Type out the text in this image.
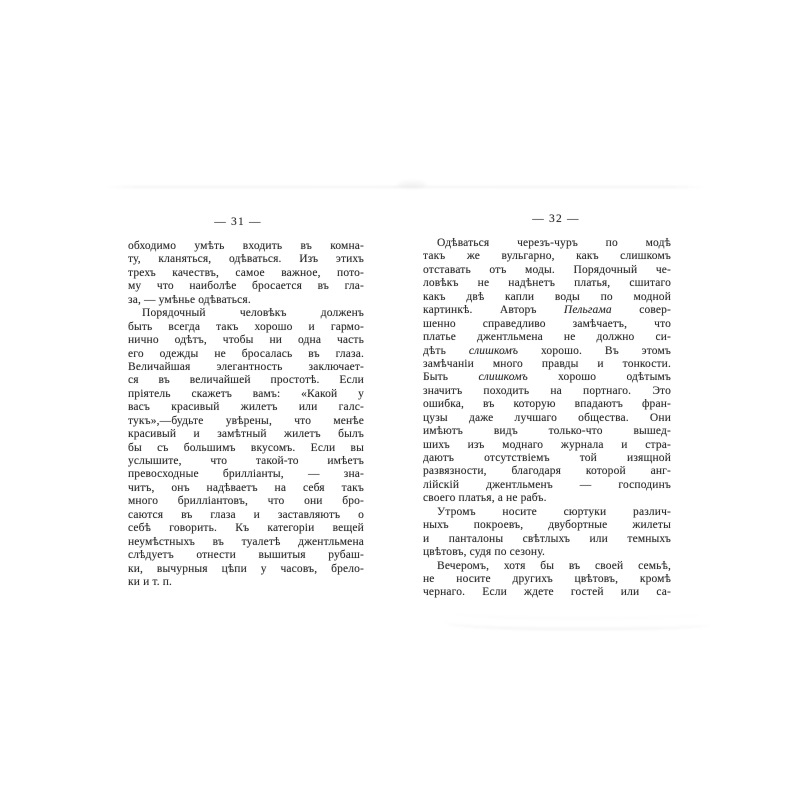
— 31 —
обходимо умѣть входить въ комна-
ту, кланяться, одѣваться. Изъ этихъ
трехъ качествъ, самое важное, пото-
му что наиболѣе бросается въ гла-
за, — умѣнье одѣваться.
Порядочный человѣкъ долженъ
быть всегда такъ хорошо и гармо-
нично одѣтъ, чтобы ни одна часть
его одежды не бросалась въ глаза.
Величайшая элегантность заключает-
ся въ величайшей простотѣ. Если
пріятель скажетъ вамъ: «Какой у
васъ красивый жилетъ или галс-
тукъ»,—будьте увѣрены, что менѣе
красивый и замѣтный жилетъ былъ
бы съ большимъ вкусомъ. Если вы
услышите, что такой-то имѣетъ
превосходные брилліанты, — зна-
читъ, онъ надѣваетъ на себя такъ
много брилліантовъ, что они бро-
саются въ глаза и заставляютъ о
себѣ говорить. Къ категоріи вещей
неумѣстныхъ въ туалетѣ джентльмена
слѣдуетъ отнести вышитыя рубаш-
ки, вычурныя цѣпи у часовъ, брело-
ки и т. п.
— 32 —
Одѣваться черезъ-чуръ по модѣ
такъ же вульгарно, какъ слишкомъ
отставать отъ моды. Порядочный че-
ловѣкъ не надѣнетъ платья, сшитаго
какъ двѣ капли воды по модной
картинкѣ. Авторъ Пельгама совер-
шенно справедливо замѣчаетъ, что
платье джентльмена не должно си-
дѣть слишкомъ хорошо. Въ этомъ
замѣчаніи много правды и тонкости.
Быть слишкомъ хорошо одѣтымъ
значитъ походить на портнаго. Это
ошибка, въ которую впадаютъ фран-
цузы даже лучшаго общества. Они
имѣютъ видъ только-что вышед-
шихъ изъ моднаго журнала и стра-
даютъ отсутствіемъ той изящной
развязности, благодаря которой анг-
лійскій джентльменъ — господинъ
своего платья, а не рабъ.
Утромъ носите сюртуки различ-
ныхъ покроевъ, двубортные жилеты
и панталоны свѣтлыхъ или темныхъ
цвѣтовъ, судя по сезону.
Вечеромъ, хотя бы въ своей семьѣ,
не носите другихъ цвѣтовъ, кромѣ
чернаго. Если ждете гостей или са-
